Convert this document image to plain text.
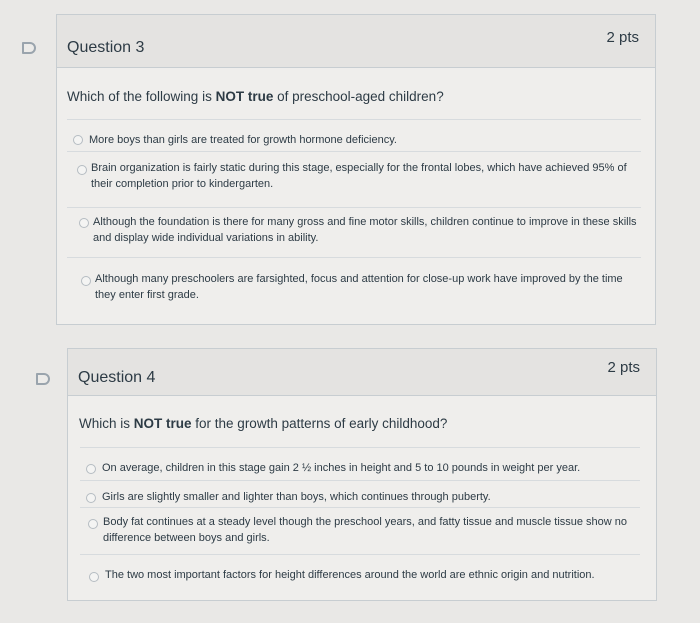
Question 3
2 pts
Which of the following is NOT true of preschool-aged children?
More boys than girls are treated for growth hormone deficiency.
Brain organization is fairly static during this stage, especially for the frontal lobes, which have achieved 95% of their completion prior to kindergarten.
Although the foundation is there for many gross and fine motor skills, children continue to improve in these skills and display wide individual variations in ability.
Although many preschoolers are farsighted, focus and attention for close-up work have improved by the time they enter first grade.
Question 4
2 pts
Which is NOT true for the growth patterns of early childhood?
On average, children in this stage gain 2 ½ inches in height and 5 to 10 pounds in weight per year.
Girls are slightly smaller and lighter than boys, which continues through puberty.
Body fat continues at a steady level though the preschool years, and fatty tissue and muscle tissue show no difference between boys and girls.
The two most important factors for height differences around the world are ethnic origin and nutrition.
